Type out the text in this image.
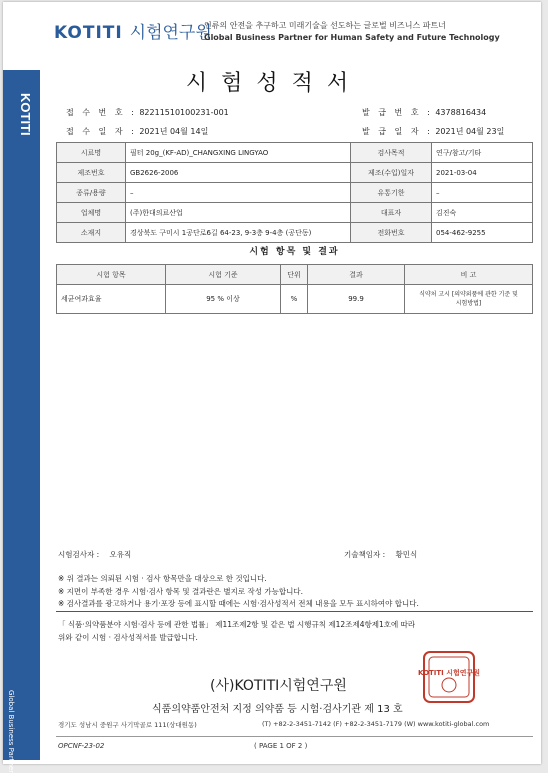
KOTITI
Global Business Partner
KOTITI 시험연구원
인류의 안전을 추구하고 미래기술을 선도하는 글로벌 비즈니스 파트너
Global Business Partner for Human Safety and Future Technology
시험성적서
접 수 번 호 : 82211510100231-001	발 급 번 호 : 4378816434
접 수 일 자 : 2021년 04월 14일	발 급 일 자 : 2021년 04월 23일
시료명	필터 20g_(KF-AD)_CHANGXING LINGYAO	검사목적	연구/참고/기타
제조번호	GB2626-2006	제조(수입)일자	2021-03-04
종류/용량	–	유통기한	–
업체명	(주)한대의료산업	대표자	김진숙
소재지	경상북도 구미시 1공단로6길 64-23, 9-3층 9-4층 (공단동)	전화번호	054-462-9255
시험 항목 및 결과
시험 항목	시험 기준	단위	결과	비 고
세균여과효율	95 % 이상	%	99.9	식약처 고시 [의약외품에 관한 기준 및
시험방법]
시험검사자 : 오유직	기술책임자 : 황민식
※ 위 결과는 의뢰된 시험 · 검사 항목만을 대상으로 한 것입니다.
※ 지면이 부족한 경우 시험·검사 항목 및 결과란은 별지로 작성 가능합니다.
※ 검사결과를 광고하거나 용기·포장 등에 표시할 때에는 시험·검사성적서 전체 내용을 모두 표시하여야 합니다.
「 식품·의약품분야 시험·검사 등에 관한 법률」 제11조제2항 및 같은 법 시행규칙 제12조제4항제1호에 따라
위와 같이 시험 · 검사성적서를 발급합니다.
(사)KOTITI시험연구원
식품의약품안전처 지정 의약품 등 시험·검사기관 제 13 호
KOTITI 시험연구원
경기도 성남시 중원구 사기막골로 111(상대원동)	(T) +82-2-3451-7142 (F) +82-2-3451-7179 (W) www.kotiti-global.com
OPCNF-23-02	( PAGE 1 OF 2 )
